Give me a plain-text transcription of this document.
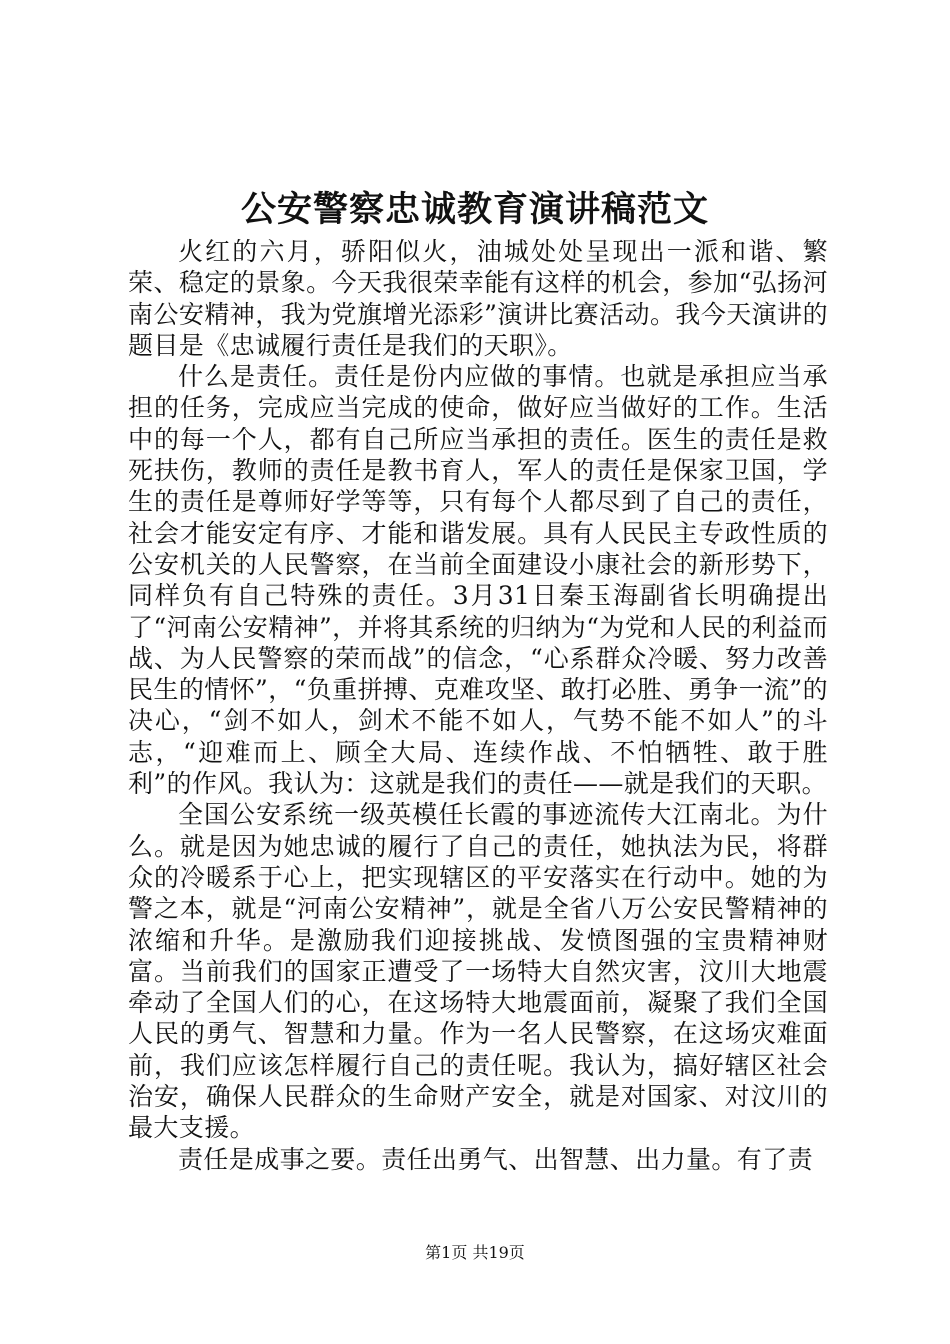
公安警察忠诚教育演讲稿范文

火红的六月，骄阳似火，油城处处呈现出一派和谐、繁荣、稳定的景象。今天我很荣幸能有这样的机会，参加“弘扬河南公安精神，我为党旗增光添彩”演讲比赛活动。我今天演讲的题目是《忠诚履行责任是我们的天职》。

什么是责任。责任是份内应做的事情。也就是承担应当承担的任务，完成应当完成的使命，做好应当做好的工作。生活中的每一个人，都有自己所应当承担的责任。医生的责任是救死扶伤，教师的责任是教书育人，军人的责任是保家卫国，学生的责任是尊师好学等等，只有每个人都尽到了自己的责任，社会才能安定有序、才能和谐发展。具有人民民主专政性质的公安机关的人民警察，在当前全面建设小康社会的新形势下，同样负有自己特殊的责任。3月31日秦玉海副省长明确提出了“河南公安精神”，并将其系统的归纳为“为党和人民的利益而战、为人民警察的荣而战”的信念，“心系群众冷暖、努力改善民生的情怀”，“负重拼搏、克难攻坚、敢打必胜、勇争一流”的决心，“剑不如人，剑术不能不如人，气势不能不如人”的斗志，“迎难而上、顾全大局、连续作战、不怕牺牲、敢于胜利”的作风。我认为：这就是我们的责任——就是我们的天职。

全国公安系统一级英模任长霞的事迹流传大江南北。为什么。就是因为她忠诚的履行了自己的责任，她执法为民，将群众的冷暖系于心上，把实现辖区的平安落实在行动中。她的为警之本，就是“河南公安精神”，就是全省八万公安民警精神的浓缩和升华。是激励我们迎接挑战、发愤图强的宝贵精神财富。当前我们的国家正遭受了一场特大自然灾害，汶川大地震牵动了全国人们的心，在这场特大地震面前，凝聚了我们全国人民的勇气、智慧和力量。作为一名人民警察，在这场灾难面前，我们应该怎样履行自己的责任呢。我认为，搞好辖区社会治安，确保人民群众的生命财产安全，就是对国家、对汶川的最大支援。

责任是成事之要。责任出勇气、出智慧、出力量。有了责

第1页 共19页
